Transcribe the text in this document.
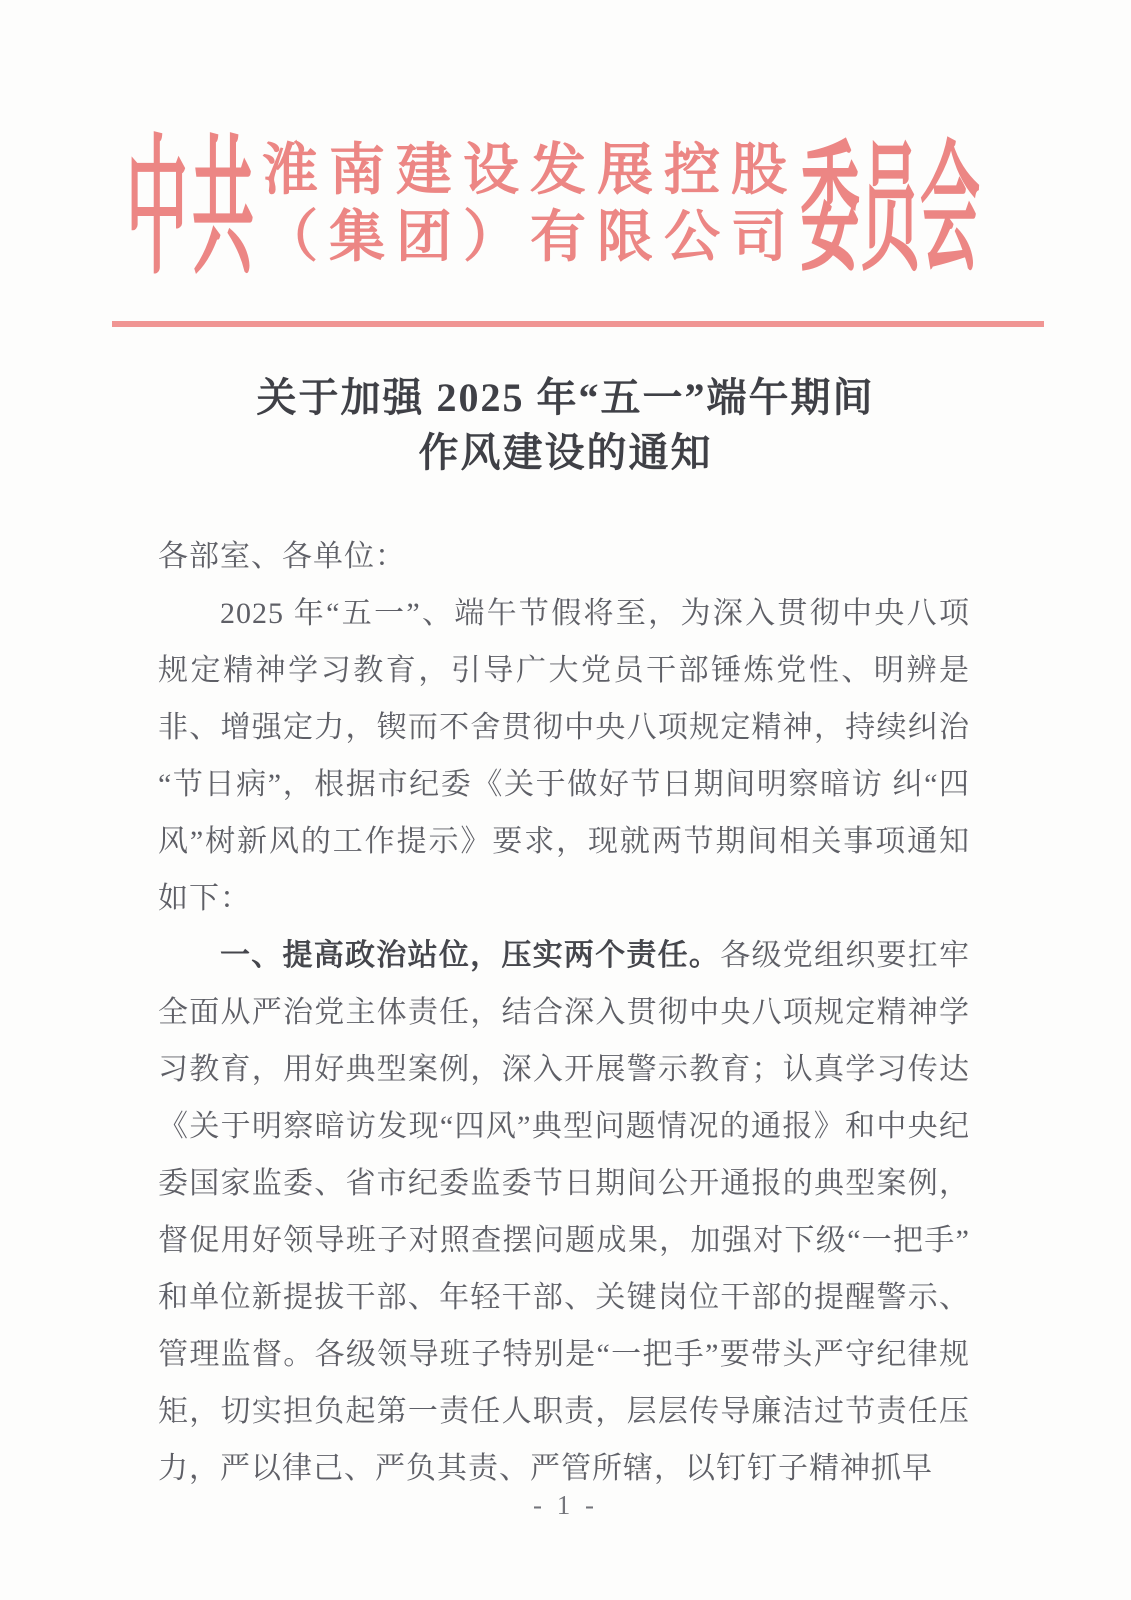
中共 淮南建设发展控股
（集团）有限公司 委员会
关于加强 2025 年“五一”端午期间
作风建设的通知

各部室、各单位：

2025 年“五一”、端午节假将至，为深入贯彻中央八项规定精神学习教育，引导广大党员干部锤炼党性、明辨是非、增强定力，锲而不舍贯彻中央八项规定精神，持续纠治“节日病”，根据市纪委《关于做好节日期间明察暗访 纠“四风”树新风的工作提示》要求，现就两节期间相关事项通知如下：

一、提高政治站位，压实两个责任。各级党组织要扛牢全面从严治党主体责任，结合深入贯彻中央八项规定精神学习教育，用好典型案例，深入开展警示教育；认真学习传达《关于明察暗访发现“四风”典型问题情况的通报》和中央纪委国家监委、省市纪委监委节日期间公开通报的典型案例，督促用好领导班子对照查摆问题成果，加强对下级“一把手”和单位新提拔干部、年轻干部、关键岗位干部的提醒警示、管理监督。各级领导班子特别是“一把手”要带头严守纪律规矩，切实担负起第一责任人职责，层层传导廉洁过节责任压力，严以律己、严负其责、严管所辖，以钉钉子精神抓早

- 1 -
